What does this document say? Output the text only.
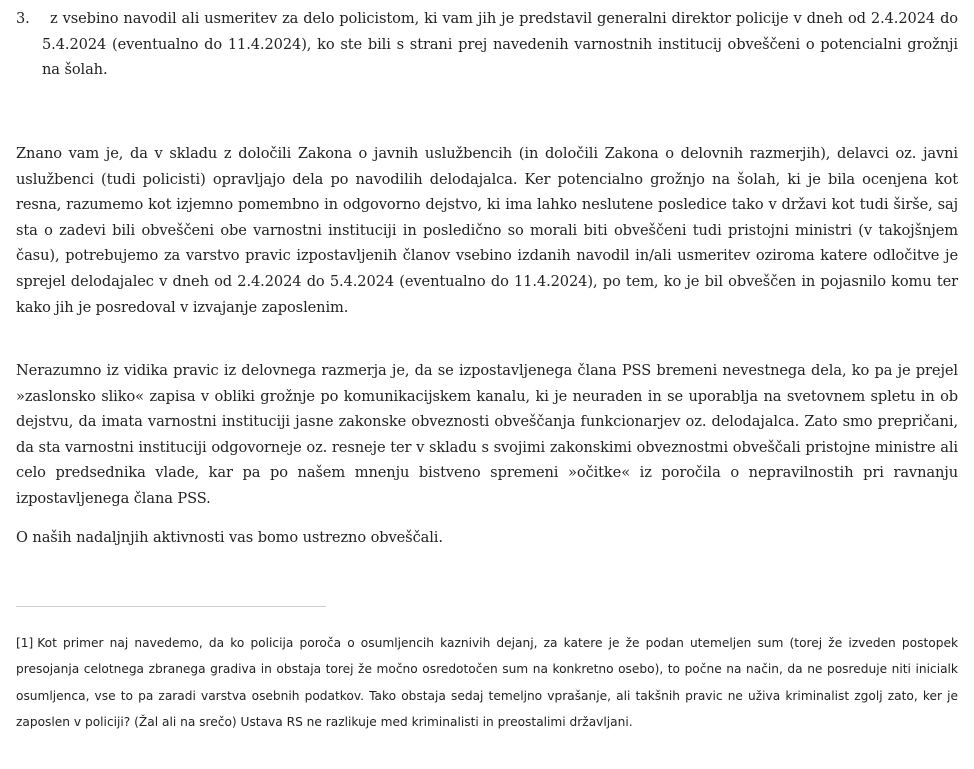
3.	z vsebino navodil ali usmeritev za delo policistom, ki vam jih je predstavil generalni direktor policije v dneh od 2.4.2024 do 5.4.2024 (eventualno do 11.4.2024), ko ste bili s strani prej navedenih varnostnih institucij obveščeni o potencialni grožnji na šolah.

Znano vam je, da v skladu z določili Zakona o javnih uslužbencih (in določili Zakona o delovnih razmerjih), delavci oz. javni uslužbenci (tudi policisti) opravljajo dela po navodilih delodajalca. Ker potencialno grožnjo na šolah, ki je bila ocenjena kot resna, razumemo kot izjemno pomembno in odgovorno dejstvo, ki ima lahko neslutene posledice tako v državi kot tudi širše, saj sta o zadevi bili obveščeni obe varnostni instituciji in posledično so morali biti obveščeni tudi pristojni ministri (v takojšnjem času), potrebujemo za varstvo pravic izpostavljenih članov vsebino izdanih navodil in/ali usmeritev oziroma katere odločitve je sprejel delodajalec v dneh od 2.4.2024 do 5.4.2024 (eventualno do 11.4.2024), po tem, ko je bil obveščen in pojasnilo komu ter kako jih je posredoval v izvajanje zaposlenim.

Nerazumno iz vidika pravic iz delovnega razmerja je, da se izpostavljenega člana PSS bremeni nevestnega dela, ko pa je prejel »zaslonsko sliko« zapisa v obliki grožnje po komunikacijskem kanalu, ki je neuraden in se uporablja na svetovnem spletu in ob dejstvu, da imata varnostni instituciji jasne zakonske obveznosti obveščanja funkcionarjev oz. delodajalca. Zato smo prepričani, da sta varnostni instituciji odgovorneje oz. resneje ter v skladu s svojimi zakonskimi obveznostmi obveščali pristojne ministre ali celo predsednika vlade, kar pa po našem mnenju bistveno spremeni »očitke« iz poročila o nepravilnostih pri ravnanju izpostavljenega člana PSS.

O naših nadaljnjih aktivnosti vas bomo ustrezno obveščali.

[1] Kot primer naj navedemo, da ko policija poroča o osumljencih kaznivih dejanj, za katere je že podan utemeljen sum (torej že izveden postopek presojanja celotnega zbranega gradiva in obstaja torej že močno osredotočen sum na konkretno osebo), to počne na način, da ne posreduje niti inicialk osumljenca, vse to pa zaradi varstva osebnih podatkov. Tako obstaja sedaj temeljno vprašanje, ali takšnih pravic ne uživa kriminalist zgolj zato, ker je zaposlen v policiji? (Žal ali na srečo) Ustava RS ne razlikuje med kriminalisti in preostalimi državljani.
